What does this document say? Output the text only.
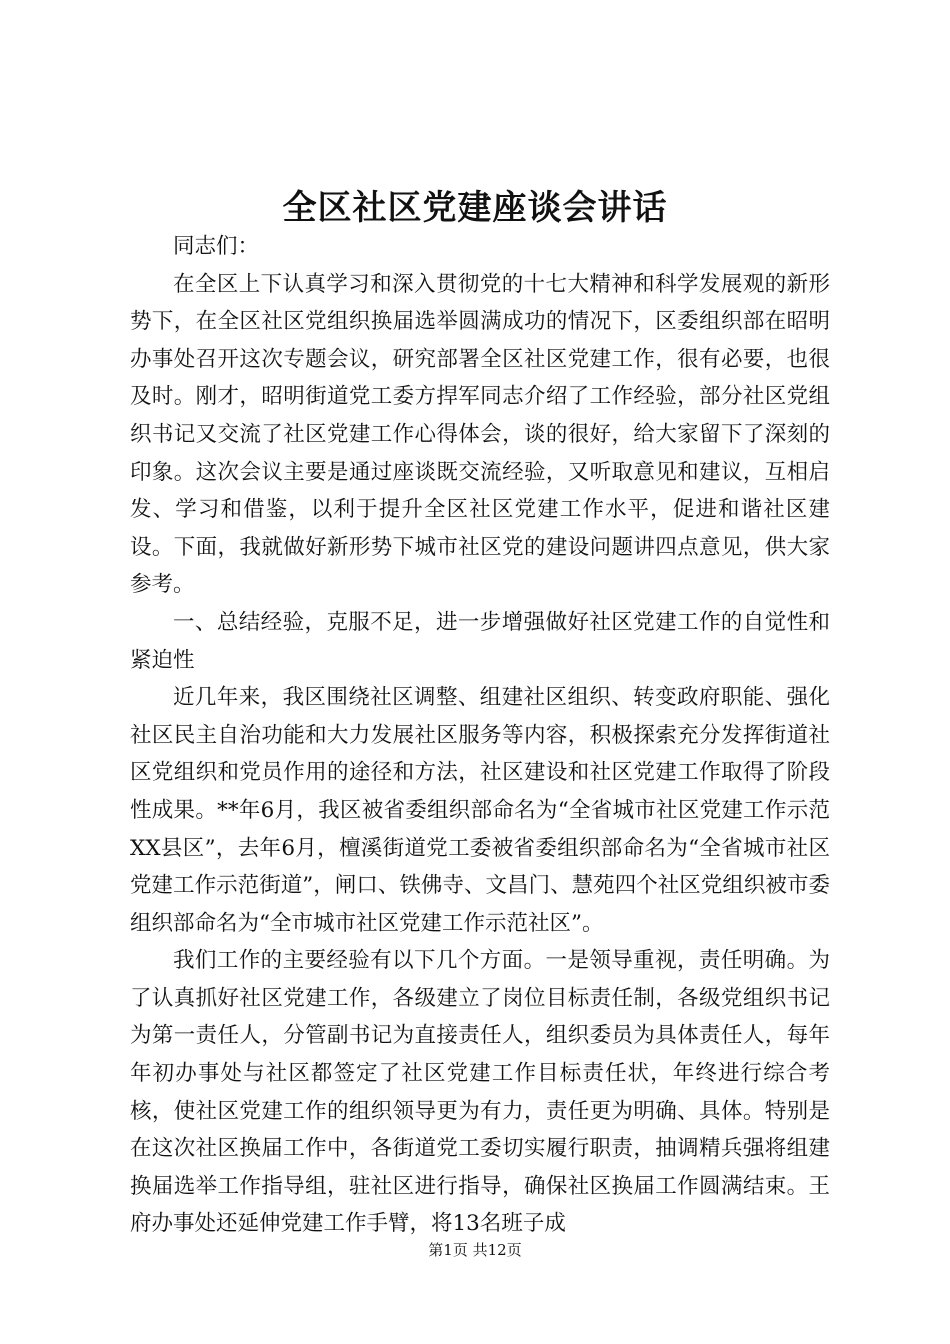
全区社区党建座谈会讲话

同志们：

在全区上下认真学习和深入贯彻党的十七大精神和科学发展观的新形势下，在全区社区党组织换届选举圆满成功的情况下，区委组织部在昭明办事处召开这次专题会议，研究部署全区社区党建工作，很有必要，也很及时。刚才，昭明街道党工委方捍军同志介绍了工作经验，部分社区党组织书记又交流了社区党建工作心得体会，谈的很好，给大家留下了深刻的印象。这次会议主要是通过座谈既交流经验，又听取意见和建议，互相启发、学习和借鉴，以利于提升全区社区党建工作水平，促进和谐社区建设。下面，我就做好新形势下城市社区党的建设问题讲四点意见，供大家参考。

一、总结经验，克服不足，进一步增强做好社区党建工作的自觉性和紧迫性

近几年来，我区围绕社区调整、组建社区组织、转变政府职能、强化社区民主自治功能和大力发展社区服务等内容，积极探索充分发挥街道社区党组织和党员作用的途径和方法，社区建设和社区党建工作取得了阶段性成果。**年6月，我区被省委组织部命名为“全省城市社区党建工作示范XX县区”，去年6月，檀溪街道党工委被省委组织部命名为“全省城市社区党建工作示范街道”，闸口、铁佛寺、文昌门、慧苑四个社区党组织被市委组织部命名为“全市城市社区党建工作示范社区”。

我们工作的主要经验有以下几个方面。一是领导重视，责任明确。为了认真抓好社区党建工作，各级建立了岗位目标责任制，各级党组织书记为第一责任人，分管副书记为直接责任人，组织委员为具体责任人，每年年初办事处与社区都签定了社区党建工作目标责任状，年终进行综合考核，使社区党建工作的组织领导更为有力，责任更为明确、具体。特别是在这次社区换届工作中，各街道党工委切实履行职责，抽调精兵强将组建换届选举工作指导组，驻社区进行指导，确保社区换届工作圆满结束。王府办事处还延伸党建工作手臂，将13名班子成

第1页 共12页
